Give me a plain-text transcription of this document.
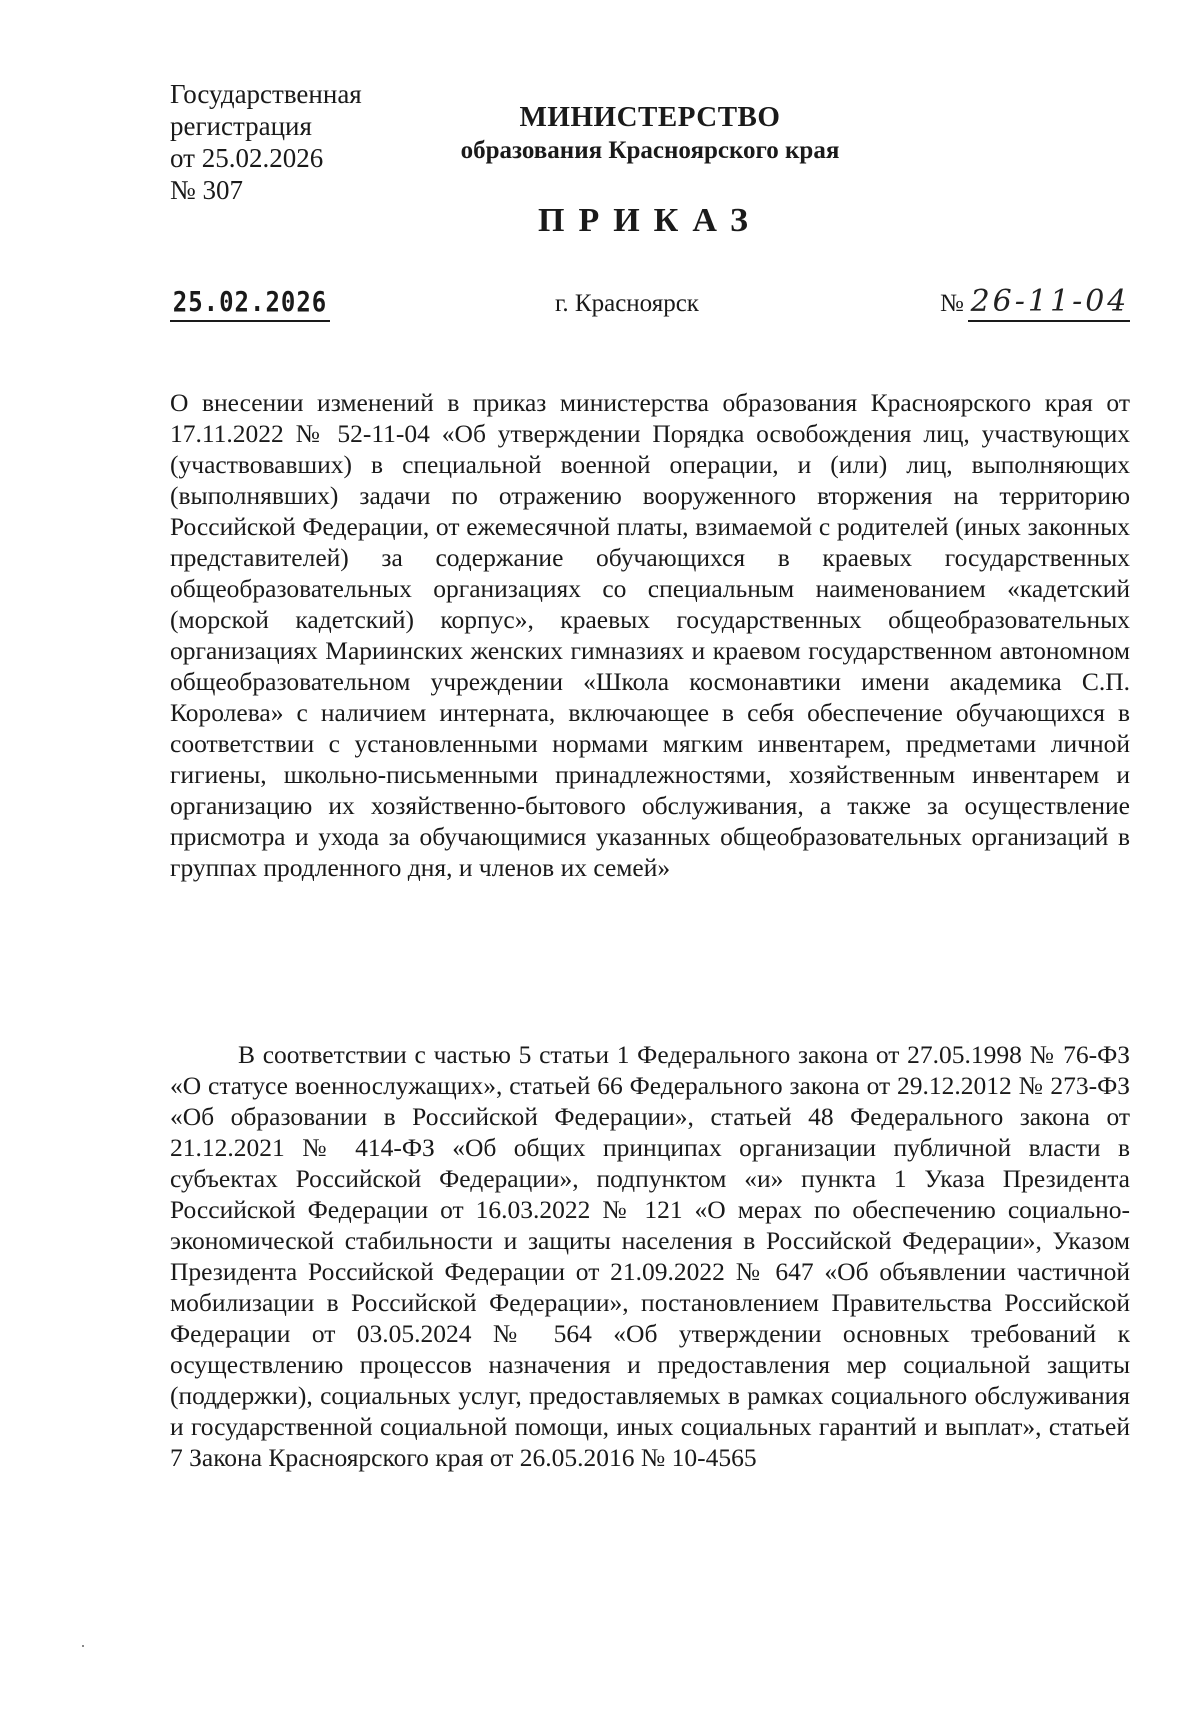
Государственная
регистрация
от 25.02.2026
№ 307
МИНИСТЕРСТВО
образования Красноярского края
ПРИКАЗ
25.02.2026	г. Красноярск	№ 26-11-04
О внесении изменений в приказ министерства образования Красноярского края от 17.11.2022 № 52-11-04 «Об утверждении Порядка освобождения лиц, участвующих (участвовавших) в специальной военной операции, и (или) лиц, выполняющих (выполнявших) задачи по отражению вооруженного вторжения на территорию Российской Федерации, от ежемесячной платы, взимаемой с родителей (иных законных представителей) за содержание обучающихся в краевых государственных общеобразовательных организациях со специальным наименованием «кадетский (морской кадетский) корпус», краевых государственных общеобразовательных организациях Мариинских женских гимназиях и краевом государственном автономном общеобразовательном учреждении «Школа космонавтики имени академика С.П. Королева» с наличием интерната, включающее в себя обеспечение обучающихся в соответствии с установленными нормами мягким инвентарем, предметами личной гигиены, школьно-письменными принадлежностями, хозяйственным инвентарем и организацию их хозяйственно-бытового обслуживания, а также за осуществление присмотра и ухода за обучающимися указанных общеобразовательных организаций в группах продленного дня, и членов их семей»
В соответствии с частью 5 статьи 1 Федерального закона от 27.05.1998 № 76-ФЗ «О статусе военнослужащих», статьей 66 Федерального закона от 29.12.2012 № 273-ФЗ «Об образовании в Российской Федерации», статьей 48 Федерального закона от 21.12.2021 № 414-ФЗ «Об общих принципах организации публичной власти в субъектах Российской Федерации», подпунктом «и» пункта 1 Указа Президента Российской Федерации от 16.03.2022 № 121 «О мерах по обеспечению социально-экономической стабильности и защиты населения в Российской Федерации», Указом Президента Российской Федерации от 21.09.2022 № 647 «Об объявлении частичной мобилизации в Российской Федерации», постановлением Правительства Российской Федерации от 03.05.2024 № 564 «Об утверждении основных требований к осуществлению процессов назначения и предоставления мер социальной защиты (поддержки), социальных услуг, предоставляемых в рамках социального обслуживания и государственной социальной помощи, иных социальных гарантий и выплат», статьей 7 Закона Красноярского края от 26.05.2016 № 10-4565
